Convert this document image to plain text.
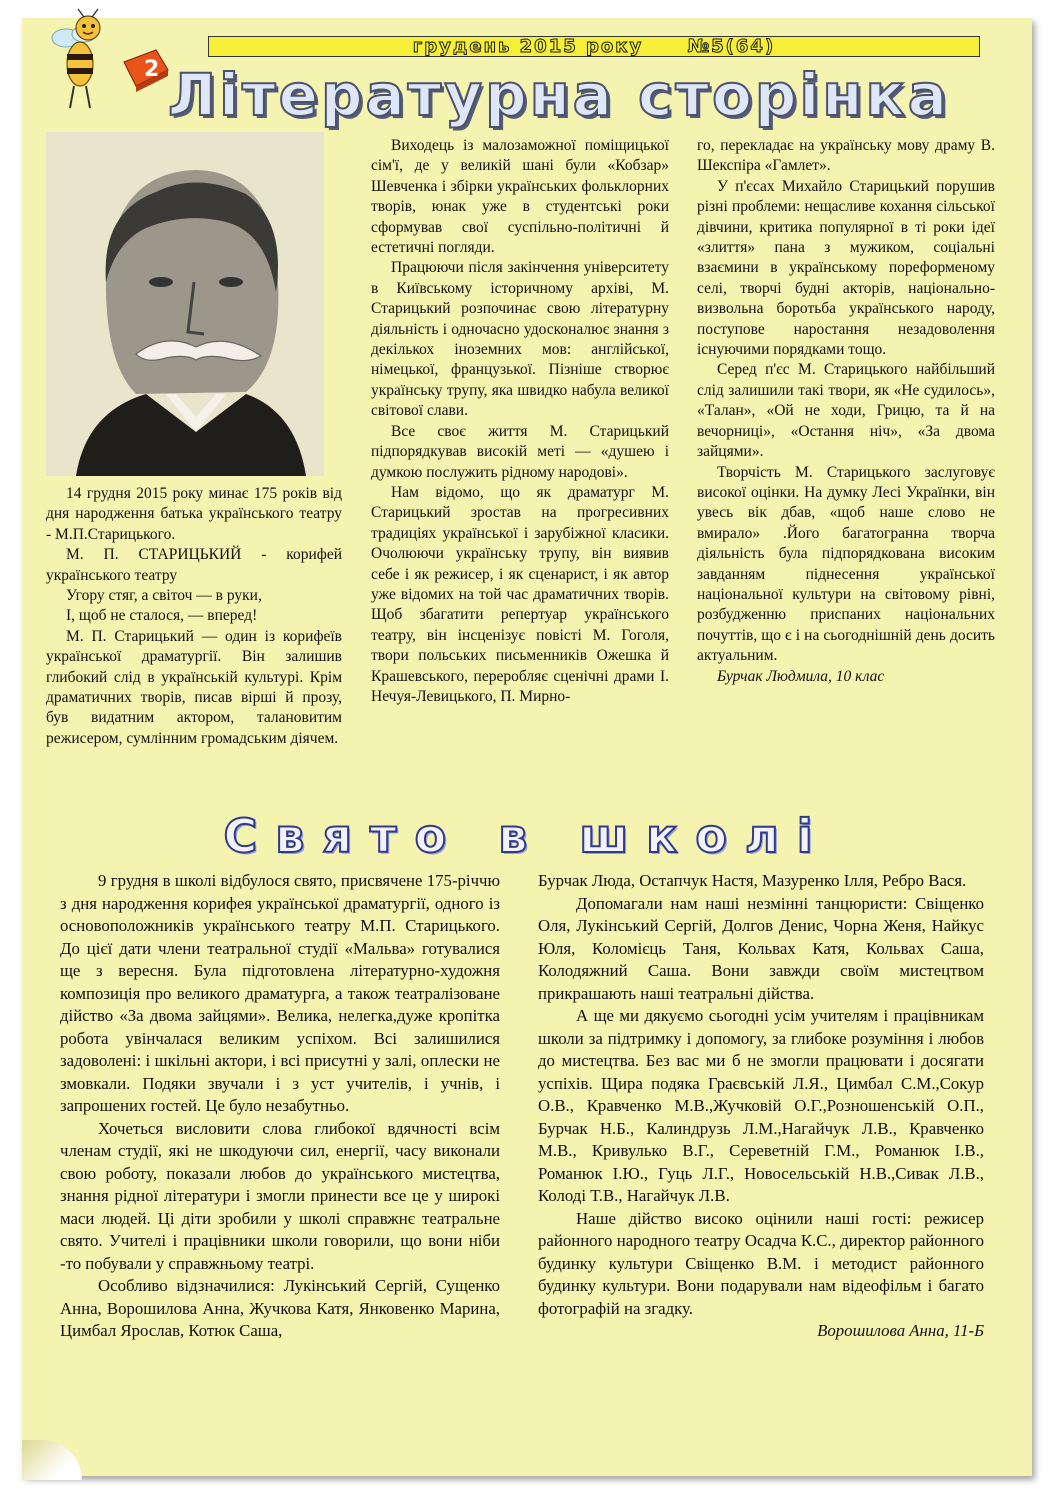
2
грудень 2015 року №5(64)
Літературна сторінка

14 грудня 2015 року минає 175 років від дня народження батька українського театру - М.П.Старицького.

М. П. СТАРИЦЬКИЙ - корифей українського театру

Угору стяг, а світоч — в руки,

І, щоб не сталося, — вперед!

М. П. Старицький — один із корифеїв української драматургії. Він залишив глибокий слід в українській культурі. Крім драматичних творів, писав вірші й прозу, був видатним актором, талановитим режисером, сумлінним громадським діячем.

Виходець із малозаможної поміщицької сім'ї, де у великій шані були «Кобзар» Шевченка і збірки українських фольклорних творів, юнак уже в студентські роки сформував свої суспільно-політичні й естетичні погляди.

Працюючи після закінчення університету в Київському історичному архіві, М. Старицький розпочинає свою літературну діяльність і одночасно удосконалює знання з декількох іноземних мов: англійської, німецької, французької. Пізніше створює українську трупу, яка швидко набула великої світової слави.

Все своє життя М. Старицький підпорядкував високій меті — «душею і думкою послужить рідному народові».

Нам відомо, що як драматург М. Старицький зростав на прогресивних традиціях української і зарубіжної класики. Очолюючи українську трупу, він виявив себе і як режисер, і як сценарист, і як автор уже відомих на той час драматичних творів. Щоб збагатити репертуар українського театру, він інсценізує повісті М. Гоголя, твори польських письменників Ожешка й Крашевського, переробляє сценічні драми І. Нечуя-Левицького, П. Мирно-

го, перекладає на українську мову драму В. Шекспіра «Гамлет».

У п'єсах Михайло Старицький порушив різні проблеми: нещасливе кохання сільської дівчини, критика популярної в ті роки ідеї «злиття» пана з мужиком, соціальні взаємини в українському пореформеному селі, творчі будні акторів, національно-визвольна боротьба українського народу, поступове наростання незадоволення існуючими порядками тощо.

Серед п'єс М. Старицького найбільший слід залишили такі твори, як «Не судилось», «Талан», «Ой не ходи, Грицю, та й на вечорниці», «Остання ніч», «За двома зайцями».

Творчість М. Старицького заслуговує високої оцінки. На думку Лесі Українки, він увесь вік дбав, «щоб наше слово не вмирало» .Його багатогранна творча діяльність була підпорядкована високим завданням піднесення української національної культури на світовому рівні, розбудженню приспаних національних почуттів, що є і на сьогоднішній день досить актуальним.

Бурчак Людмила, 10 клас

Свято в школі

9 грудня в школі відбулося свято, присвячене 175-річчю з дня народження корифея української драматургії, одного із основоположників українського театру М.П. Старицького. До цієї дати члени театральної студії «Мальва» готувалися ще з вересня. Була підготовлена літературно-художня композиція про великого драматурга, а також театралізоване дійство «За двома зайцями». Велика, нелегка,дуже кропітка робота увінчалася великим успіхом. Всі залишилися задоволені: і шкільні актори, і всі присутні у залі, оплески не змовкали. Подяки звучали і з уст учителів, і учнів, і запрошених гостей. Це було незабутньо.

Хочеться висловити слова глибокої вдячності всім членам студії, які не шкодуючи сил, енергії, часу виконали свою роботу, показали любов до українського мистецтва, знання рідної літератури і змогли принести все це у широкі маси людей. Ці діти зробили у школі справжнє театральне свято. Учителі і працівники школи говорили, що вони ніби -то побували у справжньому театрі.

Особливо відзначилися: Лукінський Сергій, Сущенко Анна, Ворошилова Анна, Жучкова Катя, Янковенко Марина, Цимбал Ярослав, Котюк Саша,

Бурчак Люда, Остапчук Настя, Мазуренко Ілля, Ребро Вася.

Допомагали нам наші незмінні танцюристи: Свіщенко Оля, Лукінський Сергій, Долгов Денис, Чорна Женя, Найкус Юля, Коломієць Таня, Кольвах Катя, Кольвах Саша, Колодяжний Саша. Вони завжди своїм мистецтвом прикрашають наші театральні дійства.

А ще ми дякуємо сьогодні усім учителям і працівникам школи за підтримку і допомогу, за глибоке розуміння і любов до мистецтва. Без вас ми б не змогли працювати і досягати успіхів. Щира подяка Граєвській Л.Я., Цимбал С.М.,Сокур О.В., Кравченко М.В.,Жучковій О.Г.,Розношенській О.П., Бурчак Н.Б., Калиндрузь Л.М.,Нагайчук Л.В., Кравченко М.В., Кривулько В.Г., Сереветній Г.М., Романюк І.В., Романюк І.Ю., Гуць Л.Г., Новосельській Н.В.,Сивак Л.В., Колоді Т.В., Нагайчук Л.В.

Наше дійство високо оцінили наші гості: режисер районного народного театру Осадча К.С., директор районного будинку культури Свіщенко В.М. і методист районного будинку культури. Вони подарували нам відеофільм і багато фотографій на згадку.

Ворошилова Анна, 11-Б
